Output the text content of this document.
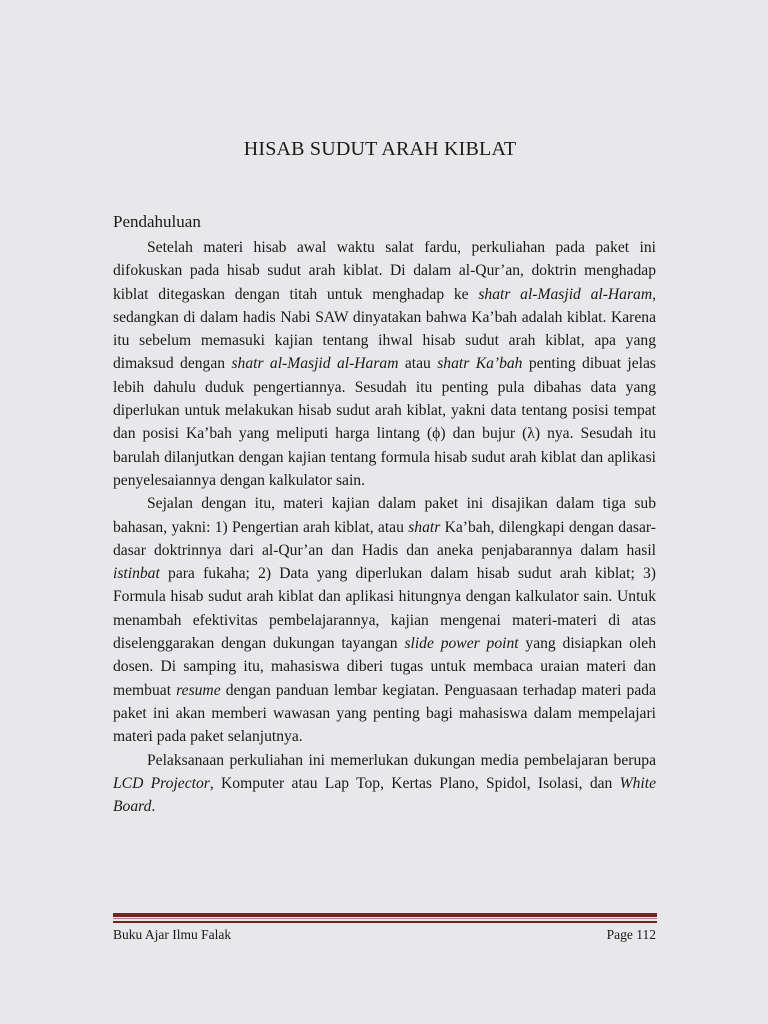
HISAB SUDUT ARAH KIBLAT
Pendahuluan

Setelah materi hisab awal waktu salat fardu, perkuliahan pada paket ini difokuskan pada hisab sudut arah kiblat. Di dalam al-Qur’an, doktrin menghadap kiblat ditegaskan dengan titah untuk menghadap ke shatr al-Masjid al-Haram, sedangkan di dalam hadis Nabi SAW dinyatakan bahwa Ka’bah adalah kiblat. Karena itu sebelum memasuki kajian tentang ihwal hisab sudut arah kiblat, apa yang dimaksud dengan shatr al-Masjid al-Haram atau shatr Ka’bah penting dibuat jelas lebih dahulu duduk pengertiannya. Sesudah itu penting pula dibahas data yang diperlukan untuk melakukan hisab sudut arah kiblat, yakni data tentang posisi tempat dan posisi Ka’bah yang meliputi harga lintang (ϕ) dan bujur (λ) nya. Sesudah itu barulah dilanjutkan dengan kajian tentang formula hisab sudut arah kiblat dan aplikasi penyelesaiannya dengan kalkulator sain.

Sejalan dengan itu, materi kajian dalam paket ini disajikan dalam tiga sub bahasan, yakni: 1) Pengertian arah kiblat, atau shatr Ka’bah, dilengkapi dengan dasar-dasar doktrinnya dari al-Qur’an dan Hadis dan aneka penjabarannya dalam hasil istinbat para fukaha; 2) Data yang diperlukan dalam hisab sudut arah kiblat; 3) Formula hisab sudut arah kiblat dan aplikasi hitungnya dengan kalkulator sain. Untuk menambah efektivitas pembelajarannya, kajian mengenai materi-materi di atas diselenggarakan dengan dukungan tayangan slide power point yang disiapkan oleh dosen. Di samping itu, mahasiswa diberi tugas untuk membaca uraian materi dan membuat resume dengan panduan lembar kegiatan. Penguasaan terhadap materi pada paket ini akan memberi wawasan yang penting bagi mahasiswa dalam mempelajari materi pada paket selanjutnya.

Pelaksanaan perkuliahan ini memerlukan dukungan media pembelajaran berupa LCD Projector, Komputer atau Lap Top, Kertas Plano, Spidol, Isolasi, dan White Board.

Buku Ajar Ilmu Falak	Page 112
